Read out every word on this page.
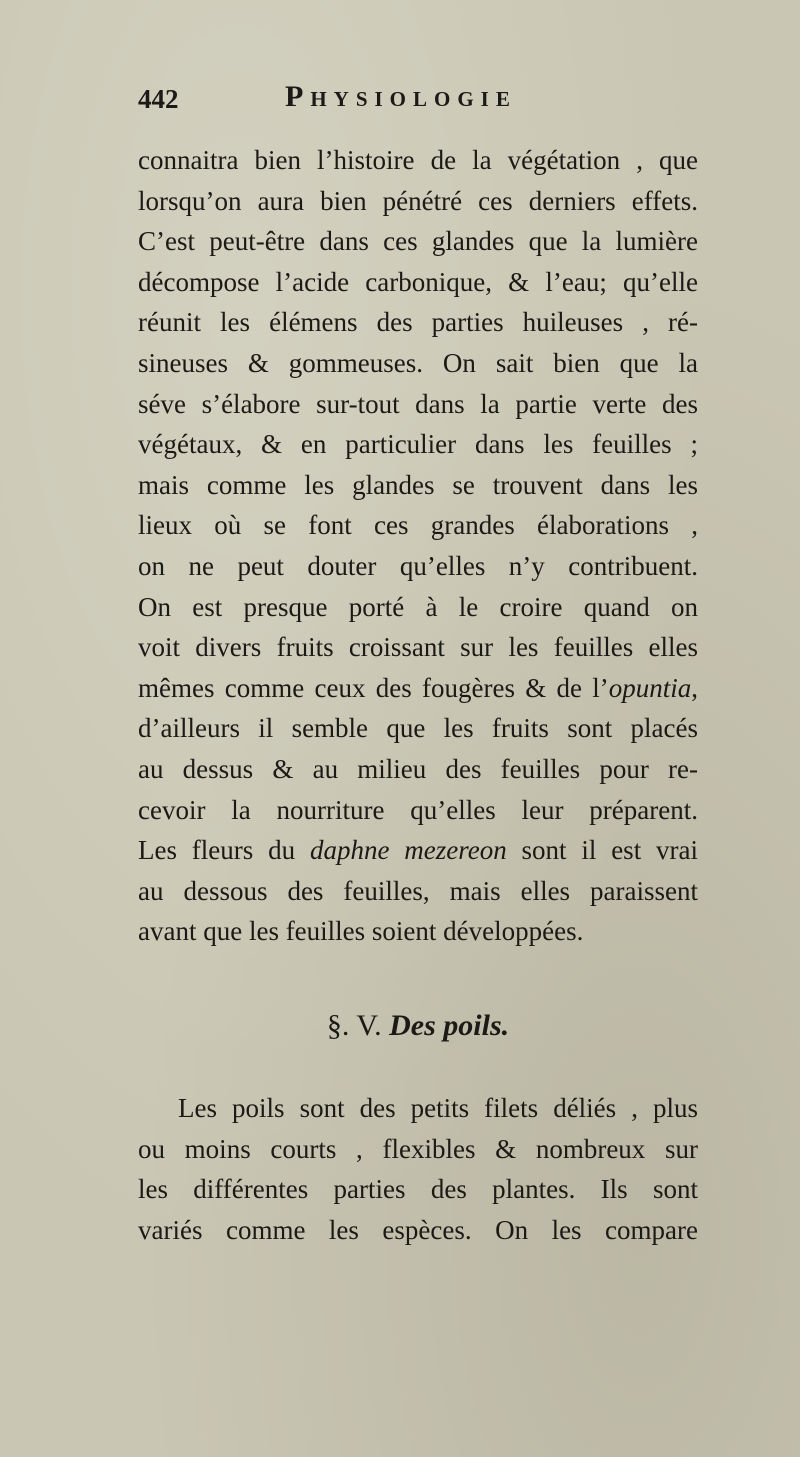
442	Physiologie
connaitra bien l’histoire de la végétation , que
lorsqu’on aura bien pénétré ces derniers effets.
C’est peut-être dans ces glandes que la lumière
décompose l’acide carbonique, & l’eau; qu’elle
réunit les élémens des parties huileuses , ré-
sineuses & gommeuses. On sait bien que la
séve s’élabore sur-tout dans la partie verte des
végétaux, & en particulier dans les feuilles ;
mais comme les glandes se trouvent dans les
lieux où se font ces grandes élaborations ,
on ne peut douter qu’elles n’y contribuent.
On est presque porté à le croire quand on
voit divers fruits croissant sur les feuilles elles
mêmes comme ceux des fougères & de l’opuntia,
d’ailleurs il semble que les fruits sont placés
au dessus & au milieu des feuilles pour re-
cevoir la nourriture qu’elles leur préparent.
Les fleurs du daphne mezereon sont il est vrai
au dessous des feuilles, mais elles paraissent
avant que les feuilles soient développées.
§. V. Des poils.
Les poils sont des petits filets déliés , plus
ou moins courts , flexibles & nombreux sur
les différentes parties des plantes. Ils sont
variés comme les espèces. On les compare
